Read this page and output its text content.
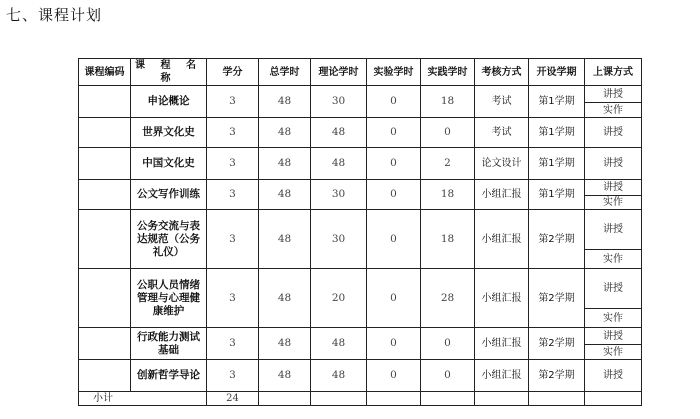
七、课程计划
课程编码	课 程 名 称	学分	总学时	理论学时	实验学时	实践学时	考核方式	开设学期	上课方式
	申论概论	3	48	30	0	18	考试	第1学期	讲授
实作

	世界文化史	3	48	48	0	0	考试	第1学期	讲授

	中国文化史	3	48	48	0	2	论文设计	第1学期	讲授

	公文写作训练	3	48	30	0	18	小组汇报	第1学期	讲授
实作

	公务交流与表达规范（公务礼仪）	3	48	30	0	18	小组汇报	第2学期	讲授
实作

	公职人员情绪管理与心理健康维护	3	48	20	0	28	小组汇报	第2学期	讲授
实作

	行政能力测试基础	3	48	48	0	0	小组汇报	第2学期	讲授
实作

	创新哲学导论	3	48	48	0	0	小组汇报	第2学期	讲授

小计		24							
